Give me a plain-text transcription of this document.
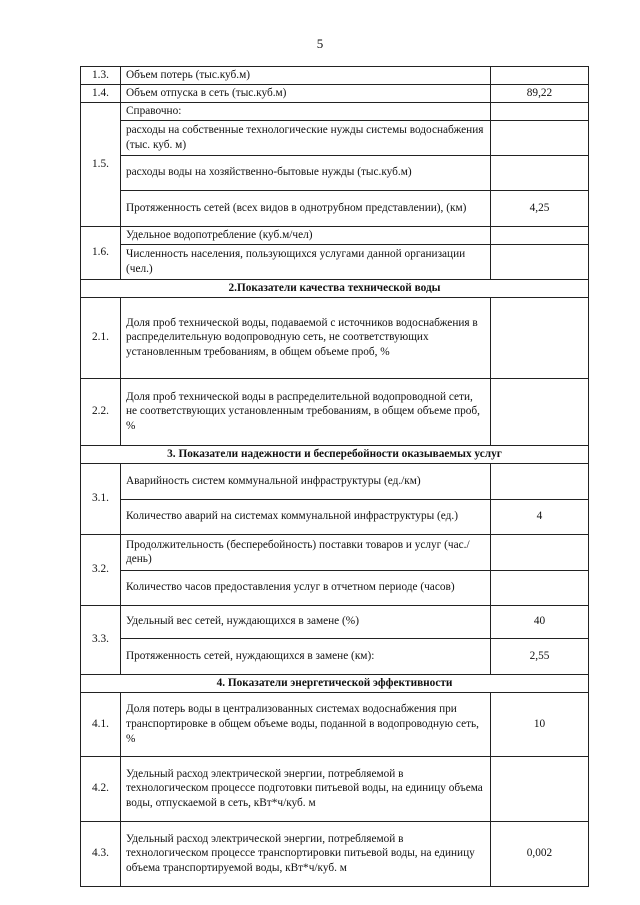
5
1.3.	Объем потерь (тыс.куб.м)	
1.4.	Объем отпуска в сеть (тыс.куб.м)	89,22
1.5.	Справочно:	
	расходы на собственные технологические нужды системы водоснабжения (тыс. куб. м)	
	расходы воды на хозяйственно-бытовые нужды (тыс.куб.м)	
	Протяженность сетей (всех видов в однотрубном представлении), (км)	4,25
1.6.	Удельное водопотребление (куб.м/чел)	
	Численность населения, пользующихся услугами данной организации (чел.)	
2.Показатели качества технической воды		
2.1.	Доля проб технической воды, подаваемой с источников водоснабжения в распределительную водопроводную сеть, не соответствующих установленным требованиям, в общем объеме проб, %	
2.2.	Доля проб технической воды в распределительной водопроводной сети, не соответствующих установленным требованиям, в общем объеме проб, %	
3. Показатели надежности и бесперебойности оказываемых услуг		
3.1.	Аварийность систем коммунальной инфраструктуры (ед./км)	
	Количество аварий на системах коммунальной инфраструктуры (ед.)	4
3.2.	Продолжительность (бесперебойность) поставки товаров и услуг (час./день)	
	Количество часов предоставления услуг в отчетном периоде (часов)	
3.3.	Удельный вес сетей, нуждающихся в замене (%)	40
	Протяженность сетей, нуждающихся в замене (км):	2,55
4. Показатели энергетической эффективности		
4.1.	Доля потерь воды в централизованных системах водоснабжения при транспортировке в общем объеме воды, поданной в водопроводную сеть, %	10
4.2.	Удельный расход электрической энергии, потребляемой в технологическом процессе подготовки питьевой воды, на единицу объема воды, отпускаемой в сеть, кВт*ч/куб. м	
4.3.	Удельный расход электрической энергии, потребляемой в технологическом процессе транспортировки питьевой воды, на единицу объема транспортируемой воды, кВт*ч/куб. м	0,002
